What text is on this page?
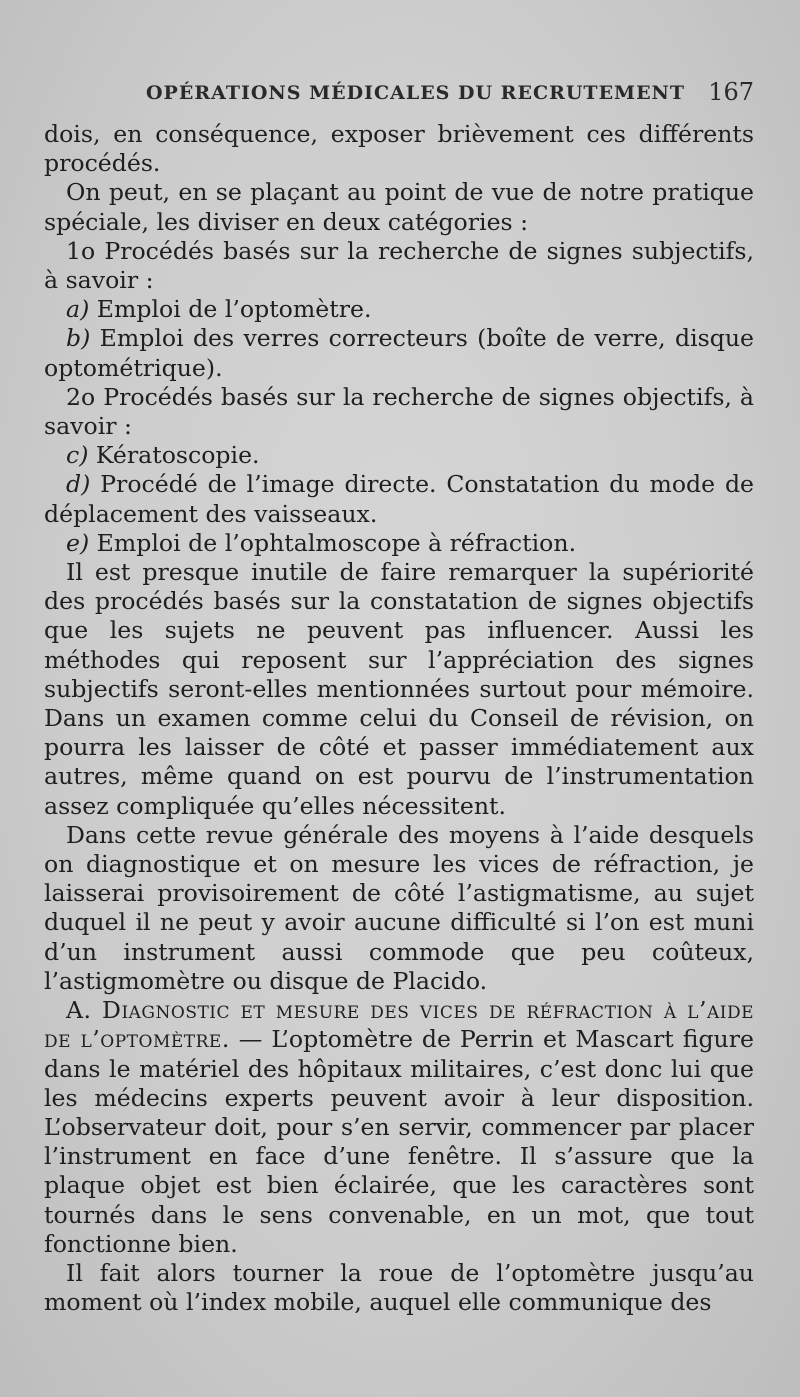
OPÉRATIONS MÉDICALES DU RECRUTEMENT 167

dois, en conséquence, exposer brièvement ces différents procédés.

On peut, en se plaçant au point de vue de notre pratique spéciale, les diviser en deux catégories :

1o Procédés basés sur la recherche de signes subjectifs, à savoir :

a) Emploi de l’optomètre.

b) Emploi des verres correcteurs (boîte de verre, disque optométrique).

2o Procédés basés sur la recherche de signes objectifs, à savoir :

c) Kératoscopie.

d) Procédé de l’image directe. Constatation du mode de déplacement des vaisseaux.

e) Emploi de l’ophtalmoscope à réfraction.

Il est presque inutile de faire remarquer la supériorité des procédés basés sur la constatation de signes objectifs que les sujets ne peuvent pas influencer. Aussi les méthodes qui reposent sur l’appréciation des signes subjectifs seront-elles mentionnées surtout pour mémoire. Dans un examen comme celui du Conseil de révision, on pourra les laisser de côté et passer immédiatement aux autres, même quand on est pourvu de l’instrumentation assez compliquée qu’elles nécessitent.

Dans cette revue générale des moyens à l’aide desquels on diagnostique et on mesure les vices de réfraction, je laisserai provisoirement de côté l’astigmatisme, au sujet duquel il ne peut y avoir aucune difficulté si l’on est muni d’un instrument aussi commode que peu coûteux, l’astigmomètre ou disque de Placido.

A. Diagnostic et mesure des vices de réfraction à l’aide de l’optomètre. — L’optomètre de Perrin et Mascart figure dans le matériel des hôpitaux militaires, c’est donc lui que les médecins experts peuvent avoir à leur disposition. L’observateur doit, pour s’en servir, commencer par placer l’instrument en face d’une fenêtre. Il s’assure que la plaque objet est bien éclairée, que les caractères sont tournés dans le sens convenable, en un mot, que tout fonctionne bien.

Il fait alors tourner la roue de l’optomètre jusqu’au moment où l’index mobile, auquel elle communique des
